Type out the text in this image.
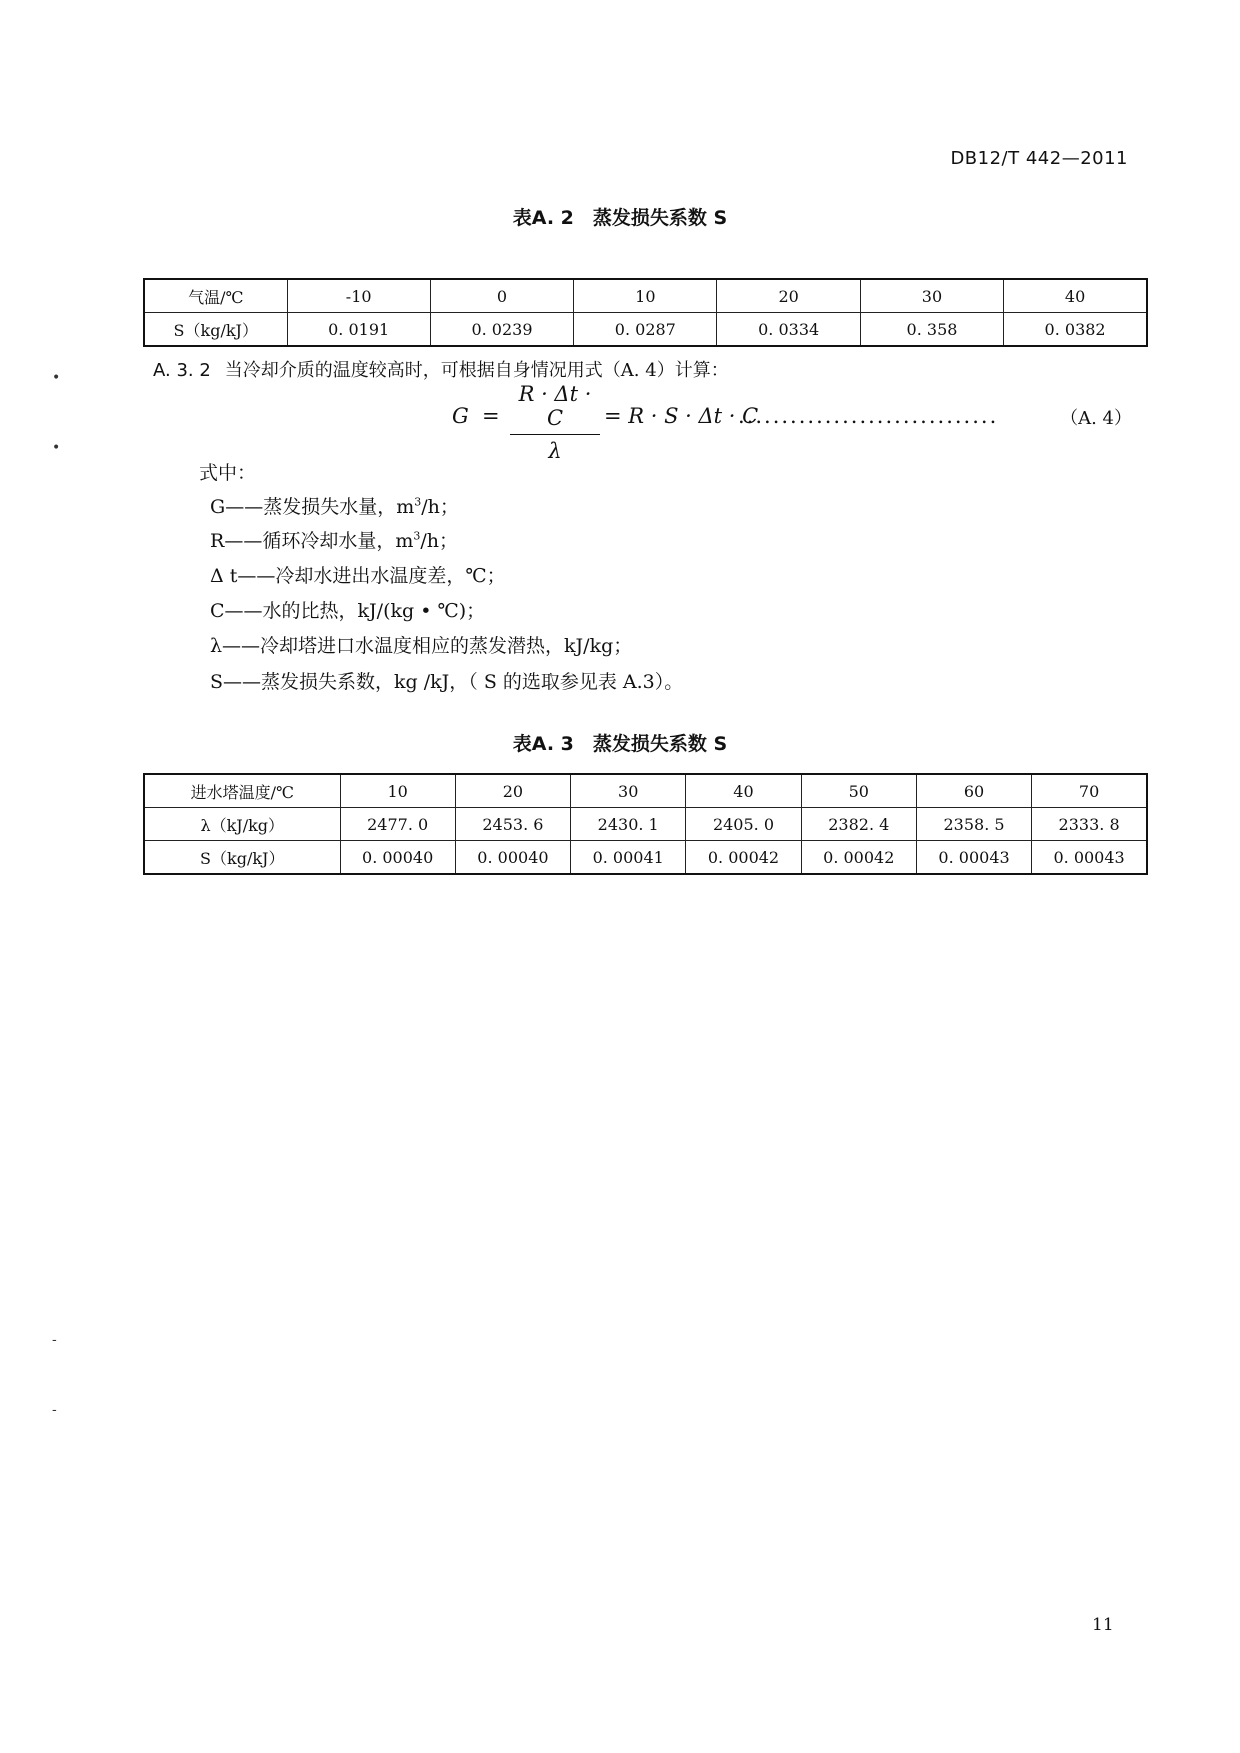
DB12/T 442—2011
表A. 2　蒸发损失系数 S
气温/℃	-10	0	10	20	30	40
S（kg/kJ）	0. 0191	0. 0239	0. 0287	0. 0334	0. 358	0. 0382
A. 3. 2 当冷却介质的温度较高时，可根据自身情况用式（A. 4）计算：
G =
R · Δt · C
λ
= R · S · Δt · C
..............................	（A. 4）
式中：
G——蒸发损失水量，$m^3/h$；
R——循环冷却水量，$m^3/h$；
Δ t——冷却水进出水温度差，℃；
C——水的比热，kJ/(kg • ℃)；
λ——冷却塔进口水温度相应的蒸发潜热，kJ/kg；
S——蒸发损失系数，kg /kJ，（ S 的选取参见表 A.3）。
表A. 3　蒸发损失系数 S
进水塔温度/℃	10	20	30	40	50	60	70
λ（kJ/kg）	2477. 0	2453. 6	2430. 1	2405. 0	2382. 4	2358. 5	2333. 8
S（kg/kJ）	0. 00040	0. 00040	0. 00041	0. 00042	0. 00042	0. 00043	0. 00043
•
•
-
-
11
